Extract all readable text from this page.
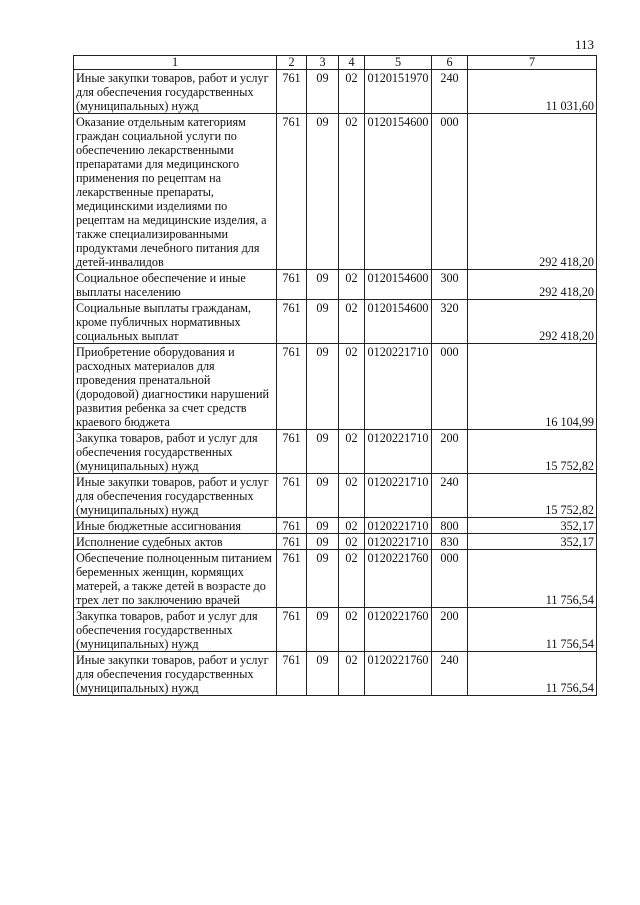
113
1	2	3	4	5	6	7
Иные закупки товаров, работ и услуг для обеспечения государственных (муниципальных) нужд	761	09	02	0120151970	240	11 031,60
Оказание отдельным категориям граждан социальной услуги по обеспечению лекарственными препаратами для медицинского применения по рецептам на лекарственные препараты, медицинскими изделиями по рецептам на медицинские изделия, а также специализированными продуктами лечебного питания для детей-инвалидов	761	09	02	0120154600	000	292 418,20
Социальное обеспечение и иные выплаты населению	761	09	02	0120154600	300	292 418,20
Социальные выплаты гражданам, кроме публичных нормативных социальных выплат	761	09	02	0120154600	320	292 418,20
Приобретение оборудования и расходных материалов для проведения пренатальной (дородовой) диагностики нарушений развития ребенка за счет средств краевого бюджета	761	09	02	0120221710	000	16 104,99
Закупка товаров, работ и услуг для обеспечения государственных (муниципальных) нужд	761	09	02	0120221710	200	15 752,82
Иные закупки товаров, работ и услуг для обеспечения государственных (муниципальных) нужд	761	09	02	0120221710	240	15 752,82
Иные бюджетные ассигнования	761	09	02	0120221710	800	352,17
Исполнение судебных актов	761	09	02	0120221710	830	352,17
Обеспечение полноценным питанием беременных женщин, кормящих матерей, а также детей в возрасте до трех лет по заключению врачей	761	09	02	0120221760	000	11 756,54
Закупка товаров, работ и услуг для обеспечения государственных (муниципальных) нужд	761	09	02	0120221760	200	11 756,54
Иные закупки товаров, работ и услуг для обеспечения государственных (муниципальных) нужд	761	09	02	0120221760	240	11 756,54
